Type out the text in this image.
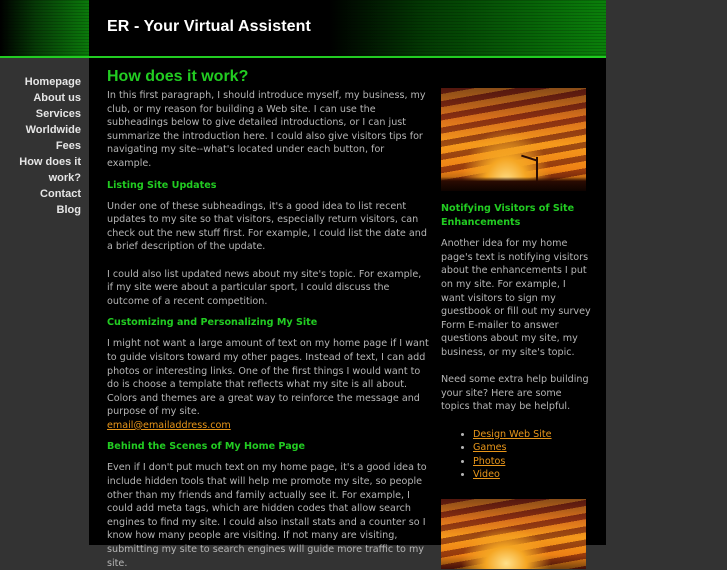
ER - Your Virtual Assistent
Homepage
About us
Services
Worldwide
Fees
How does it work?
Contact
Blog
How does it work?

In this first paragraph, I should introduce myself, my business, my club, or my reason for building a Web site. I can use the subheadings below to give detailed introductions, or I can just summarize the introduction here. I could also give visitors tips for navigating my site--what's located under each button, for example.

Listing Site Updates

Under one of these subheadings, it's a good idea to list recent updates to my site so that visitors, especially return visitors, can check out the new stuff first. For example, I could list the date and a brief description of the update.

I could also list updated news about my site's topic. For example, if my site were about a particular sport, I could discuss the outcome of a recent competition.

Customizing and Personalizing My Site

I might not want a large amount of text on my home page if I want to guide visitors toward my other pages. Instead of text, I can add photos or interesting links. One of the first things I would want to do is choose a template that reflects what my site is all about. Colors and themes are a great way to reinforce the message and purpose of my site.

email@emailaddress.com

Behind the Scenes of My Home Page

Even if I don't put much text on my home page, it's a good idea to include hidden tools that will help me promote my site, so people other than my friends and family actually see it. For example, I could add meta tags, which are hidden codes that allow search engines to find my site. I could also install stats and a counter so I know how many people are visiting. If not many are visiting, submitting my site to search engines will guide more traffic to my site.

Notifying Visitors of Site Enhancements

Another idea for my home page's text is notifying visitors about the enhancements I put on my site. For example, I want visitors to sign my guestbook or fill out my survey Form E-mailer to answer questions about my site, my business, or my site's topic.

Need some extra help building your site? Here are some topics that may be helpful.

• Design Web Site
• Games
• Photos
• Video
